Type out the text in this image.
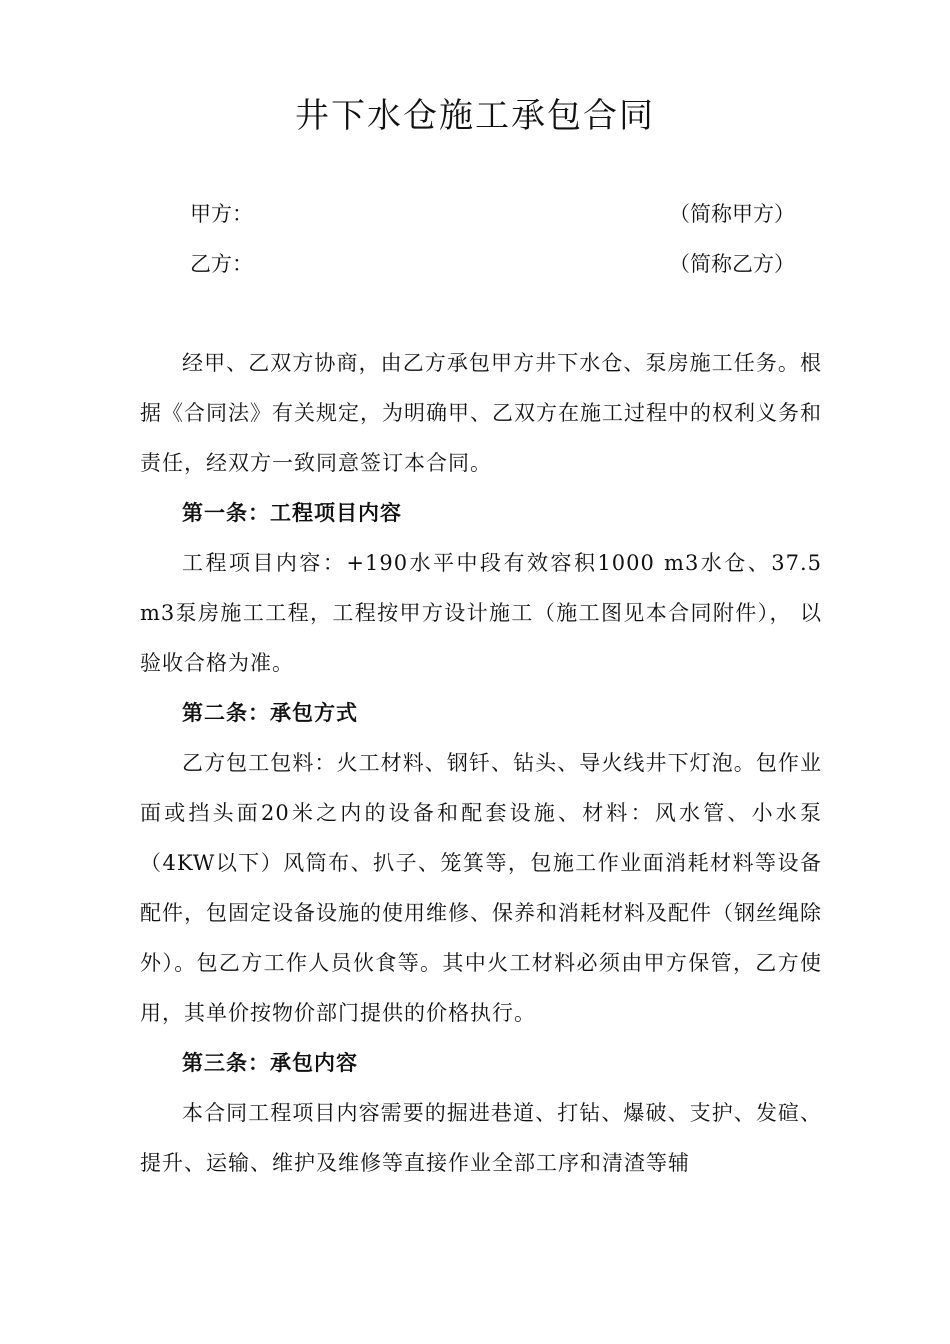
井下水仓施工承包合同
甲方：	（简称甲方）
乙方：	（简称乙方）

经甲、乙双方协商，由乙方承包甲方井下水仓、泵房施工任务。根据《合同法》有关规定，为明确甲、乙双方在施工过程中的权利义务和责任，经双方一致同意签订本合同。

第一条：工程项目内容

工程项目内容：+190水平中段有效容积1000 m3水仓、37.5 m3泵房施工工程，工程按甲方设计施工（施工图见本合同附件）， 以验收合格为准。

第二条：承包方式

乙方包工包料：火工材料、钢钎、钻头、导火线井下灯泡。包作业面或挡头面20米之内的设备和配套设施、材料：风水管、小水泵（4KW以下）风筒布、扒子、笼箕等，包施工作业面消耗材料等设备配件，包固定设备设施的使用维修、保养和消耗材料及配件（钢丝绳除外）。包乙方工作人员伙食等。其中火工材料必须由甲方保管，乙方使用，其单价按物价部门提供的价格执行。

第三条：承包内容

本合同工程项目内容需要的掘进巷道、打钻、爆破、支护、发碹、提升、运输、维护及维修等直接作业全部工序和清渣等辅
